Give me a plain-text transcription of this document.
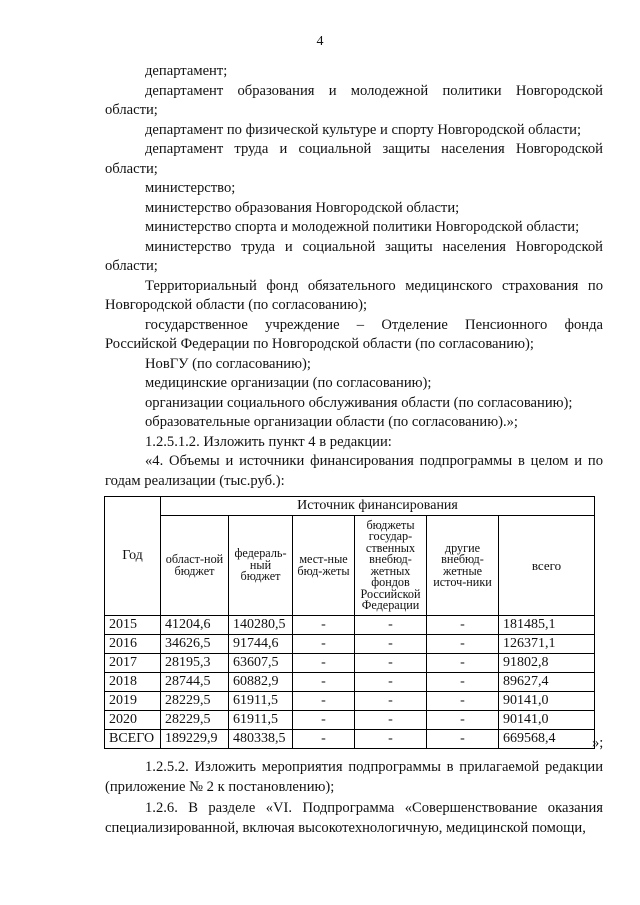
4

департамент;

департамент образования и молодежной политики Новгородской области;

департамент по физической культуре и спорту Новгородской области;

департамент труда и социальной защиты населения Новгородской области;

министерство;

министерство образования Новгородской области;

министерство спорта и молодежной политики Новгородской области;

министерство труда и социальной защиты населения Новгородской области;

Территориальный фонд обязательного медицинского страхования по Новгородской области (по согласованию);

государственное учреждение – Отделение Пенсионного фонда Российской Федерации по Новгородской области (по согласованию);

НовГУ (по согласованию);

медицинские организации (по согласованию);

организации социального обслуживания области (по согласованию);

образовательные организации области (по согласованию).»;

1.2.5.1.2. Изложить пункт 4 в редакции:

«4. Объемы и источники финансирования подпрограммы в целом и по годам реализации (тыс.руб.):

Год	Источник финансирования					
	област-ной бюджет	федераль-ный бюджет	мест-ные бюд-жеты	бюджеты государ-ственных внебюд-жетных фондов Российской Федерации	другие внебюд-жетные источ-ники	всего
2015	41204,6	140280,5	-	-	-	181485,1
2016	34626,5	91744,6	-	-	-	126371,1
2017	28195,3	63607,5	-	-	-	91802,8
2018	28744,5	60882,9	-	-	-	89627,4
2019	28229,5	61911,5	-	-	-	90141,0
2020	28229,5	61911,5	-	-	-	90141,0
ВСЕГО	189229,9	480338,5	-	-	-	669568,4	»;

1.2.5.2. Изложить мероприятия подпрограммы в прилагаемой редакции (приложение № 2 к постановлению);

1.2.6. В разделе «VI. Подпрограмма «Совершенствование оказания специализированной, включая высокотехнологичную, медицинской помощи,
